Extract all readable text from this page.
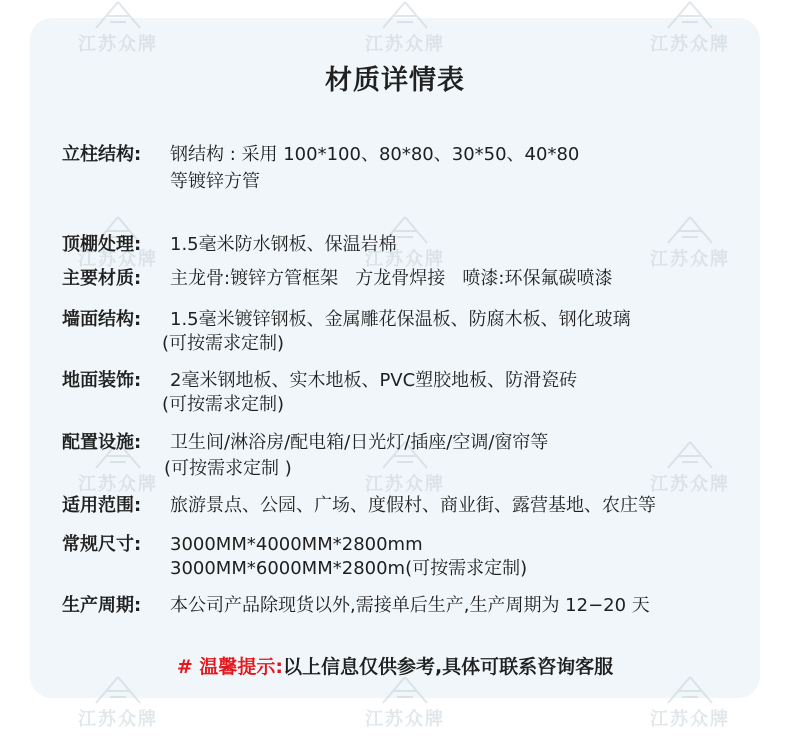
江苏众牌	江苏众牌	江苏众牌
江苏众牌	江苏众牌	江苏众牌
江苏众牌	江苏众牌	江苏众牌
江苏众牌	江苏众牌	江苏众牌
材质详情表
立柱结构: 钢结构 : 采用 100*100、80*80、30*50、40*80
等镀锌方管
顶棚处理: 1.5毫米防水钢板、保温岩棉
主要材质: 主龙骨:镀锌方管框架   方龙骨焊接   喷漆:环保氟碳喷漆
墙面结构: 1.5毫米镀锌钢板、金属雕花保温板、防腐木板、钢化玻璃
(可按需求定制)
地面装饰: 2毫米钢地板、实木地板、PVC塑胶地板、防滑瓷砖
(可按需求定制)
配置设施: 卫生间/淋浴房/配电箱/日光灯/插座/空调/窗帘等
(可按需求定制 )
适用范围: 旅游景点、公园、广场、度假村、商业街、露营基地、农庄等
常规尺寸: 3000MM*4000MM*2800mm
3000MM*6000MM*2800m(可按需求定制)
生产周期: 本公司产品除现货以外,需接单后生产,生产周期为 12−20 天
# 温馨提示:以上信息仅供参考,具体可联系咨询客服
